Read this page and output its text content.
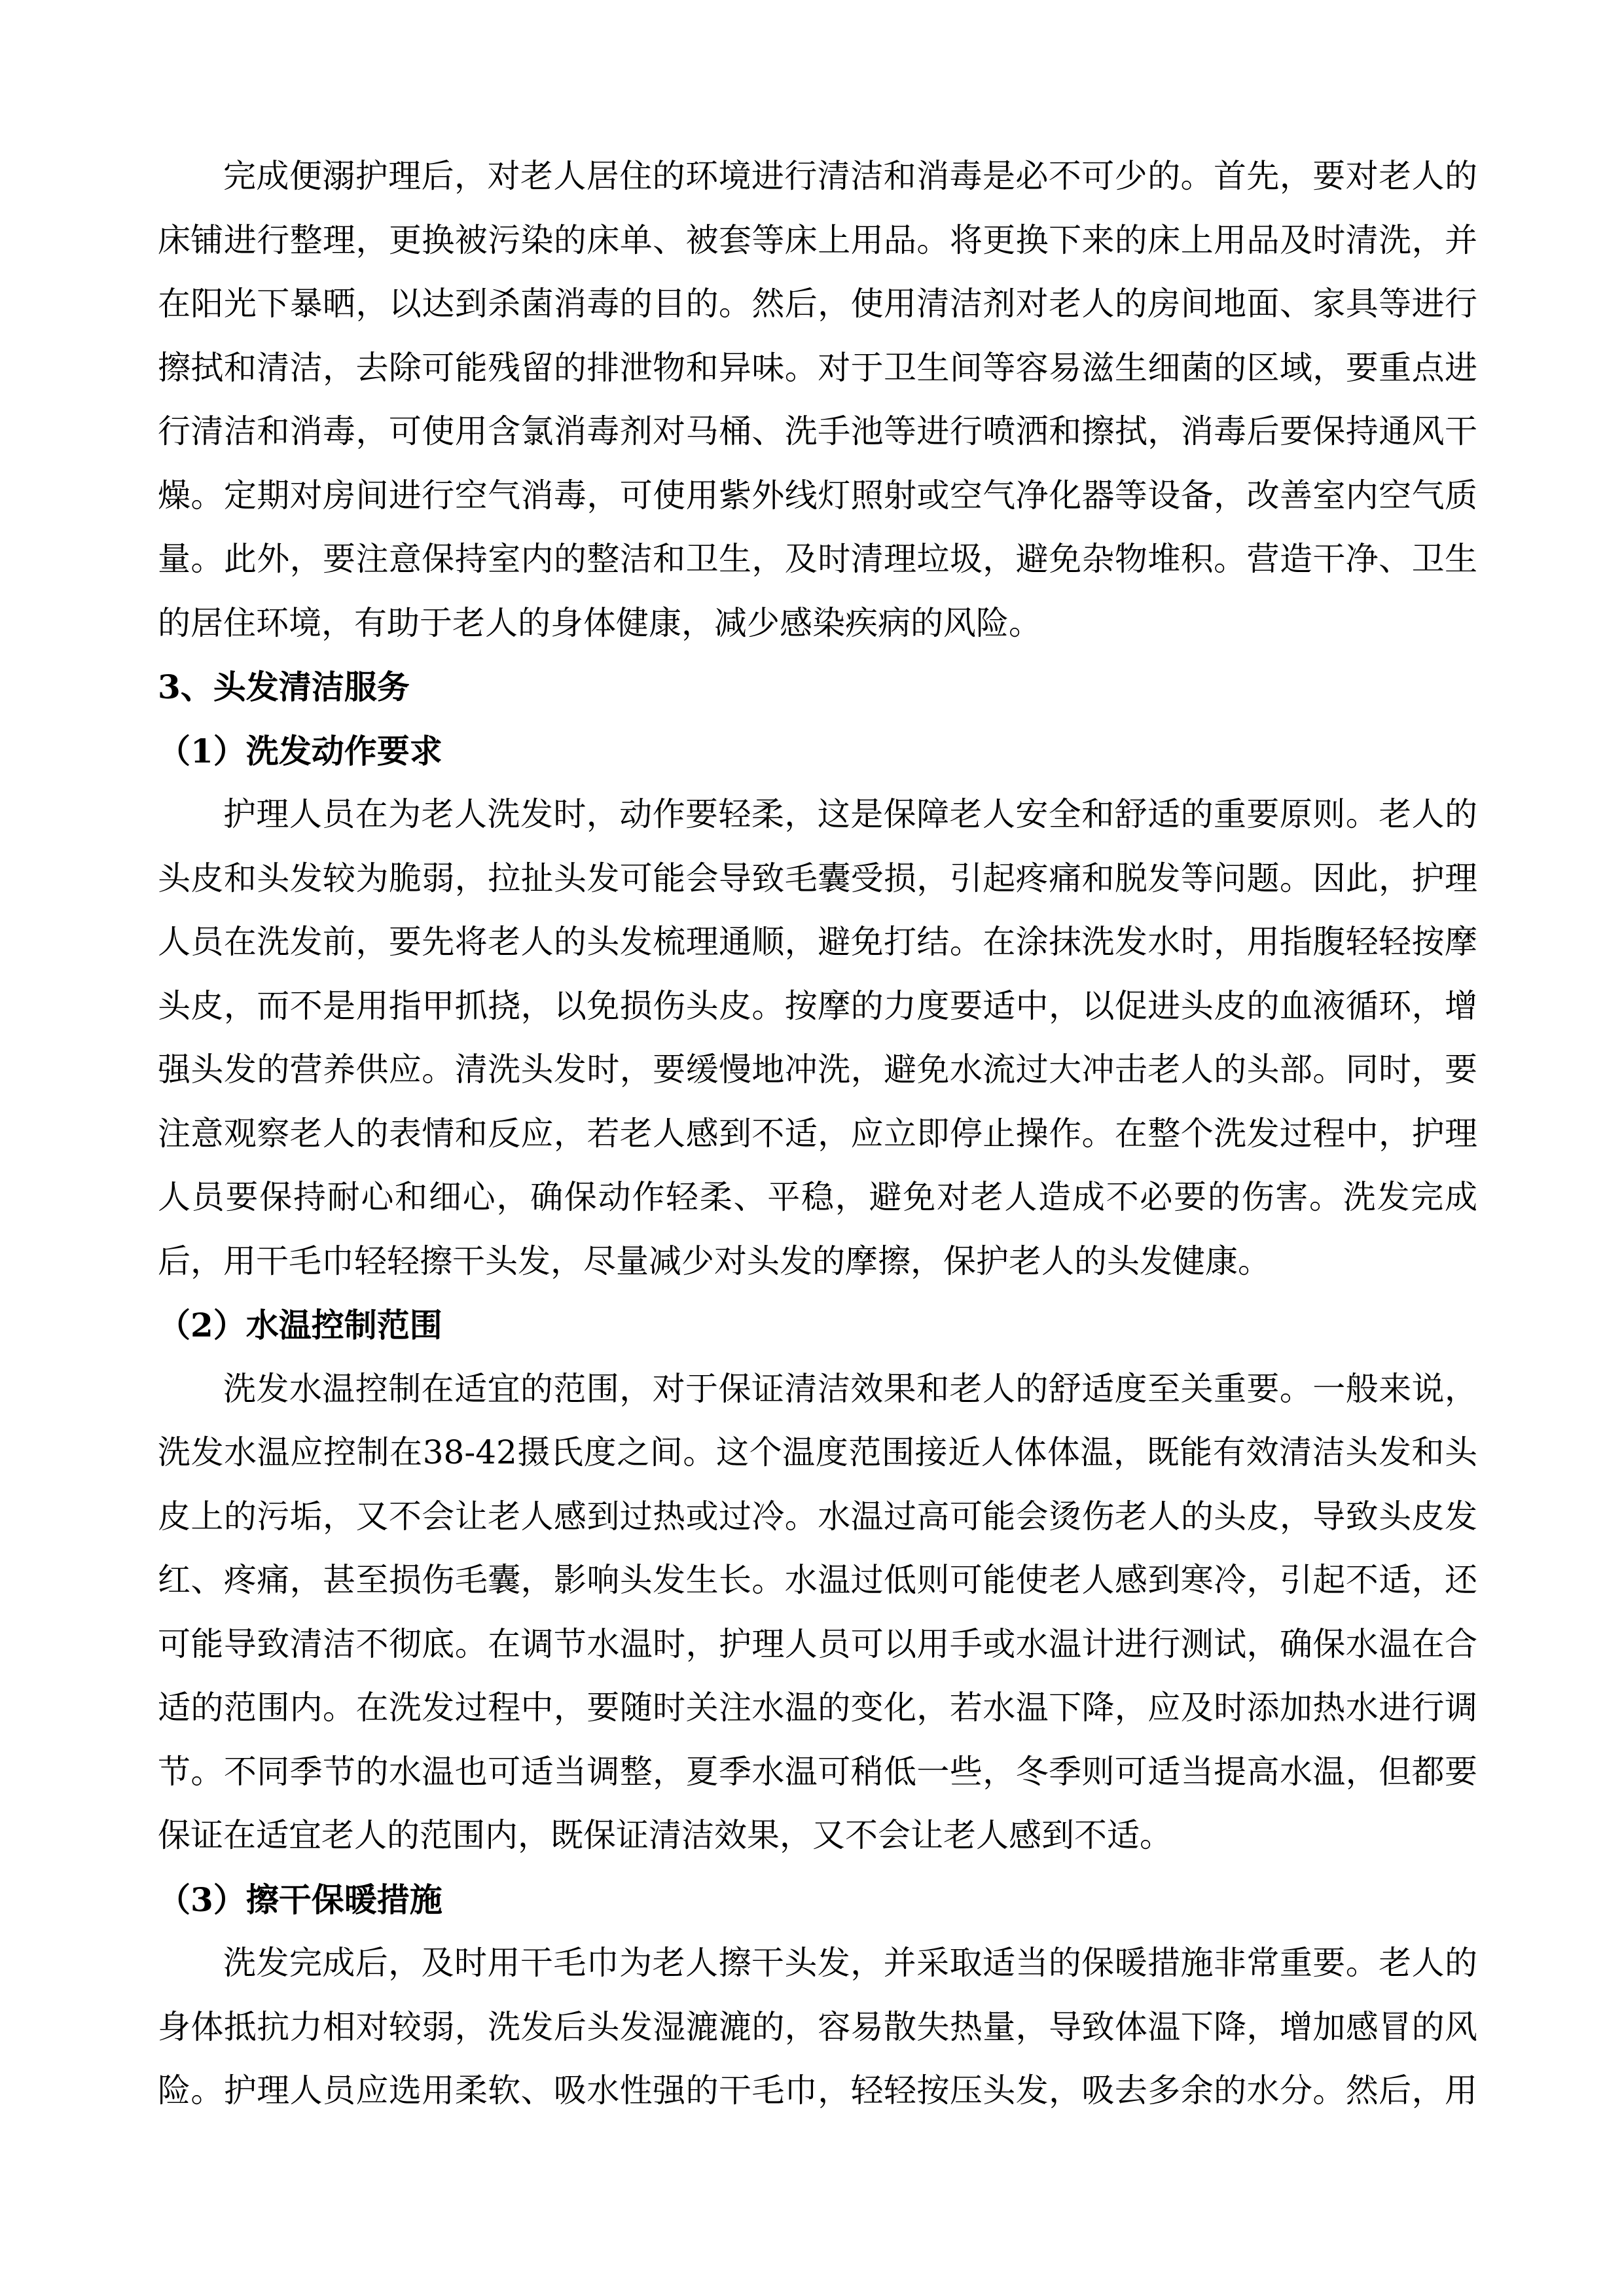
完成便溺护理后，对老人居住的环境进行清洁和消毒是必不可少的。首先，要对老人的
床铺进行整理，更换被污染的床单、被套等床上用品。将更换下来的床上用品及时清洗，并
在阳光下暴晒，以达到杀菌消毒的目的。然后，使用清洁剂对老人的房间地面、家具等进行
擦拭和清洁，去除可能残留的排泄物和异味。对于卫生间等容易滋生细菌的区域，要重点进
行清洁和消毒，可使用含氯消毒剂对马桶、洗手池等进行喷洒和擦拭，消毒后要保持通风干
燥。定期对房间进行空气消毒，可使用紫外线灯照射或空气净化器等设备，改善室内空气质
量。此外，要注意保持室内的整洁和卫生，及时清理垃圾，避免杂物堆积。营造干净、卫生
的居住环境，有助于老人的身体健康，减少感染疾病的风险。
3、头发清洁服务
（1）洗发动作要求
护理人员在为老人洗发时，动作要轻柔，这是保障老人安全和舒适的重要原则。老人的
头皮和头发较为脆弱，拉扯头发可能会导致毛囊受损，引起疼痛和脱发等问题。因此，护理
人员在洗发前，要先将老人的头发梳理通顺，避免打结。在涂抹洗发水时，用指腹轻轻按摩
头皮，而不是用指甲抓挠，以免损伤头皮。按摩的力度要适中，以促进头皮的血液循环，增
强头发的营养供应。清洗头发时，要缓慢地冲洗，避免水流过大冲击老人的头部。同时，要
注意观察老人的表情和反应，若老人感到不适，应立即停止操作。在整个洗发过程中，护理
人员要保持耐心和细心，确保动作轻柔、平稳，避免对老人造成不必要的伤害。洗发完成
后，用干毛巾轻轻擦干头发，尽量减少对头发的摩擦，保护老人的头发健康。
（2）水温控制范围
洗发水温控制在适宜的范围，对于保证清洁效果和老人的舒适度至关重要。一般来说，
洗发水温应控制在38-42摄氏度之间。这个温度范围接近人体体温，既能有效清洁头发和头
皮上的污垢，又不会让老人感到过热或过冷。水温过高可能会烫伤老人的头皮，导致头皮发
红、疼痛，甚至损伤毛囊，影响头发生长。水温过低则可能使老人感到寒冷，引起不适，还
可能导致清洁不彻底。在调节水温时，护理人员可以用手或水温计进行测试，确保水温在合
适的范围内。在洗发过程中，要随时关注水温的变化，若水温下降，应及时添加热水进行调
节。不同季节的水温也可适当调整，夏季水温可稍低一些，冬季则可适当提高水温，但都要
保证在适宜老人的范围内，既保证清洁效果，又不会让老人感到不适。
（3）擦干保暖措施
洗发完成后，及时用干毛巾为老人擦干头发，并采取适当的保暖措施非常重要。老人的
身体抵抗力相对较弱，洗发后头发湿漉漉的，容易散失热量，导致体温下降，增加感冒的风
险。护理人员应选用柔软、吸水性强的干毛巾，轻轻按压头发，吸去多余的水分。然后，用
